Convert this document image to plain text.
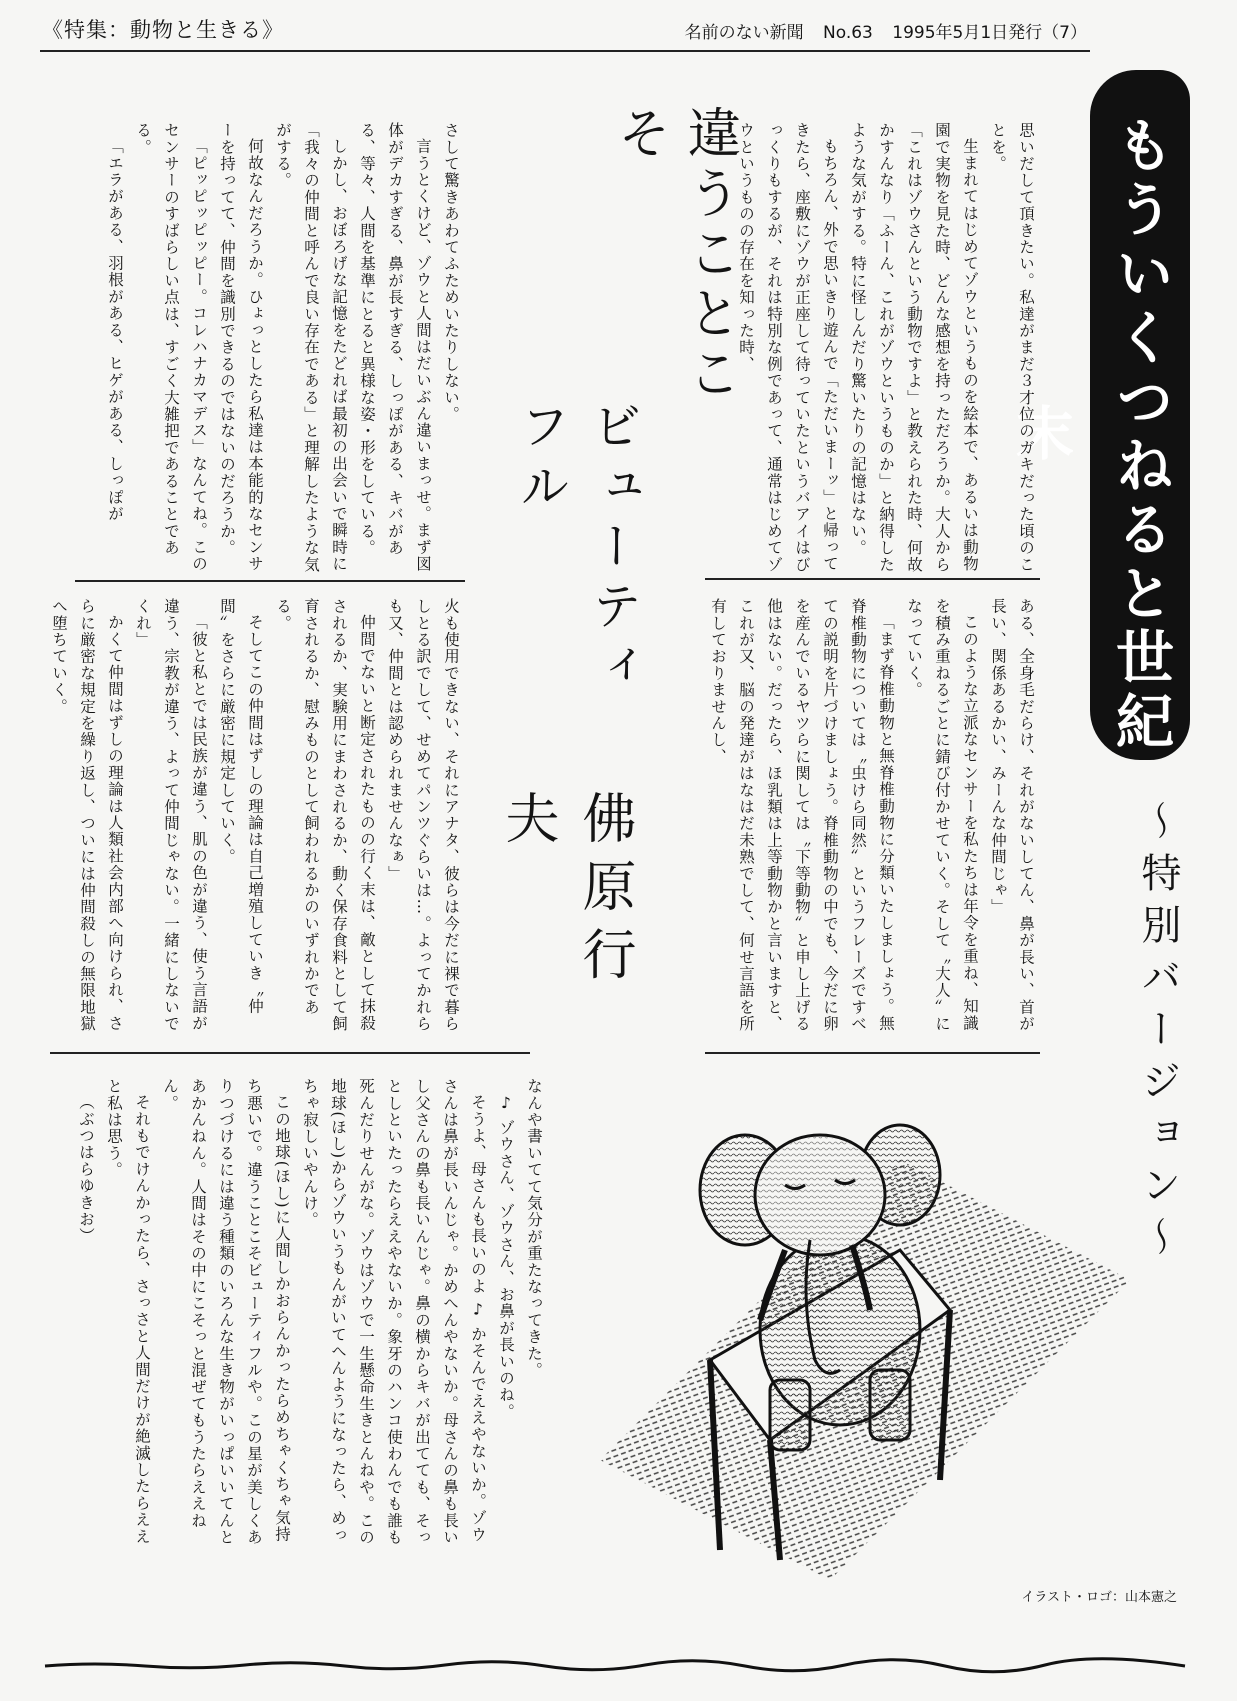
《特集：動物と生きる》	名前のない新聞 No.63 1995年5月1日発行（7）
もういくつねると世紀末
〜特別バージョン〜

思いだして頂きたい。私達がまだ３才位のガキだった頃のことを。

生まれてはじめてゾウというものを絵本で、あるいは動物園で実物を見た時、どんな感想を持っただろうか。大人から「これはゾウさんという動物ですよ」と教えられた時、何故かすんなり「ふーん、これがゾウというものか」と納得したような気がする。特に怪しんだり驚いたりの記憶はない。

もちろん、外で思いきり遊んで「ただいまーッ」と帰ってきたら、座敷にゾウが正座して待っていたというバアイはびっくりもするが、それは特別な例であって、通常はじめてゾウというものの存在を知った時、

ある、全身毛だらけ、それがないしてん、鼻が長い、首が長い、関係あるかい、みーんな仲間じゃ」

このような立派なセンサーを私たちは年令を重ね、知識を積み重ねるごとに錆び付かせていく。そして〝大人〟になっていく。

「まず脊椎動物と無脊椎動物に分類いたしましょう。無脊椎動物については〝虫けら同然〟というフレーズですべての説明を片づけましょう。脊椎動物の中でも、今だに卵を産んでいるヤツらに関しては〝下等動物〟と申し上げる他はない。だったら、ほ乳類は上等動物かと言いますと、これが又、脳の発達がはなはだ未熟でして、何せ言語を所有しておりませんし、

違うことこそ
ビューティフル
佛原行夫

さして驚きあわてふためいたりしない。

言うとくけど、ゾウと人間はだいぶん違いまっせ。まず図体がデカすぎる、鼻が長すぎる、しっぽがある、キバがある、等々、人間を基準にとると異様な姿・形をしている。

しかし、おぼろげな記憶をたどれば最初の出会いで瞬時に「我々の仲間と呼んで良い存在である」と理解したような気がする。

何故なんだろうか。ひょっとしたら私達は本能的なセンサーを持ってて、仲間を識別できるのではないのだろうか。

「ピッピッピッピー。コレハナカマデス」なんてね。このセンサーのすばらしい点は、すごく大雑把であることである。

「エラがある、羽根がある、ヒゲがある、しっぽが

火も使用できない、それにアナタ、彼らは今だに裸で暮らしとる訳でして、せめてパンツぐらいは…。よってかれらも又、仲間とは認められませんなぁ」

仲間でないと断定されたものの行く末は、敵として抹殺されるか、実験用にまわされるか、動く保存食料として飼育されるか、慰みものとして飼われるかのいずれかである。

そしてこの仲間はずしの理論は自己増殖していき〝仲間〟をさらに厳密に規定していく。

「彼と私とでは民族が違う、肌の色が違う、使う言語が違う、宗教が違う、よって仲間じゃない。一緒にしないでくれ」

かくて仲間はずしの理論は人類社会内部へ向けられ、さらに厳密な規定を繰り返し、ついには仲間殺しの無限地獄へ堕ちていく。

なんや書いてて気分が重たなってきた。

♪ ゾウさん、ゾウさん、お鼻が長いのね。

そうよ、母さんも長いのよ ♪ かそんでええやないか。ゾウさんは鼻が長いんじゃ。かめへんやないか。母さんの鼻も長いし父さんの鼻も長いんじゃ。鼻の横からキバが出てても、そっとしといたったらええやないか。象牙のハンコ使わんでも誰も死んだりせんがな。ゾウはゾウで一生懸命生きとんねや。この地球(ほし)からゾウいうもんがいてへんようになったら、めっちゃ寂しいやんけ。

この地球(ほし)に人間しかおらんかったらめちゃくちゃ気持ち悪いで。違うことこそビューティフルや。この星が美しくありつづけるには違う種類のいろんな生き物がいっぱいいてんとあかんねん。人間はその中にこそっと混ぜてもうたらええねん。

それもでけんかったら、さっさと人間だけが絶滅したらええと私は思う。

（ぶつはらゆきお）

イラスト・ロゴ：山本憲之
